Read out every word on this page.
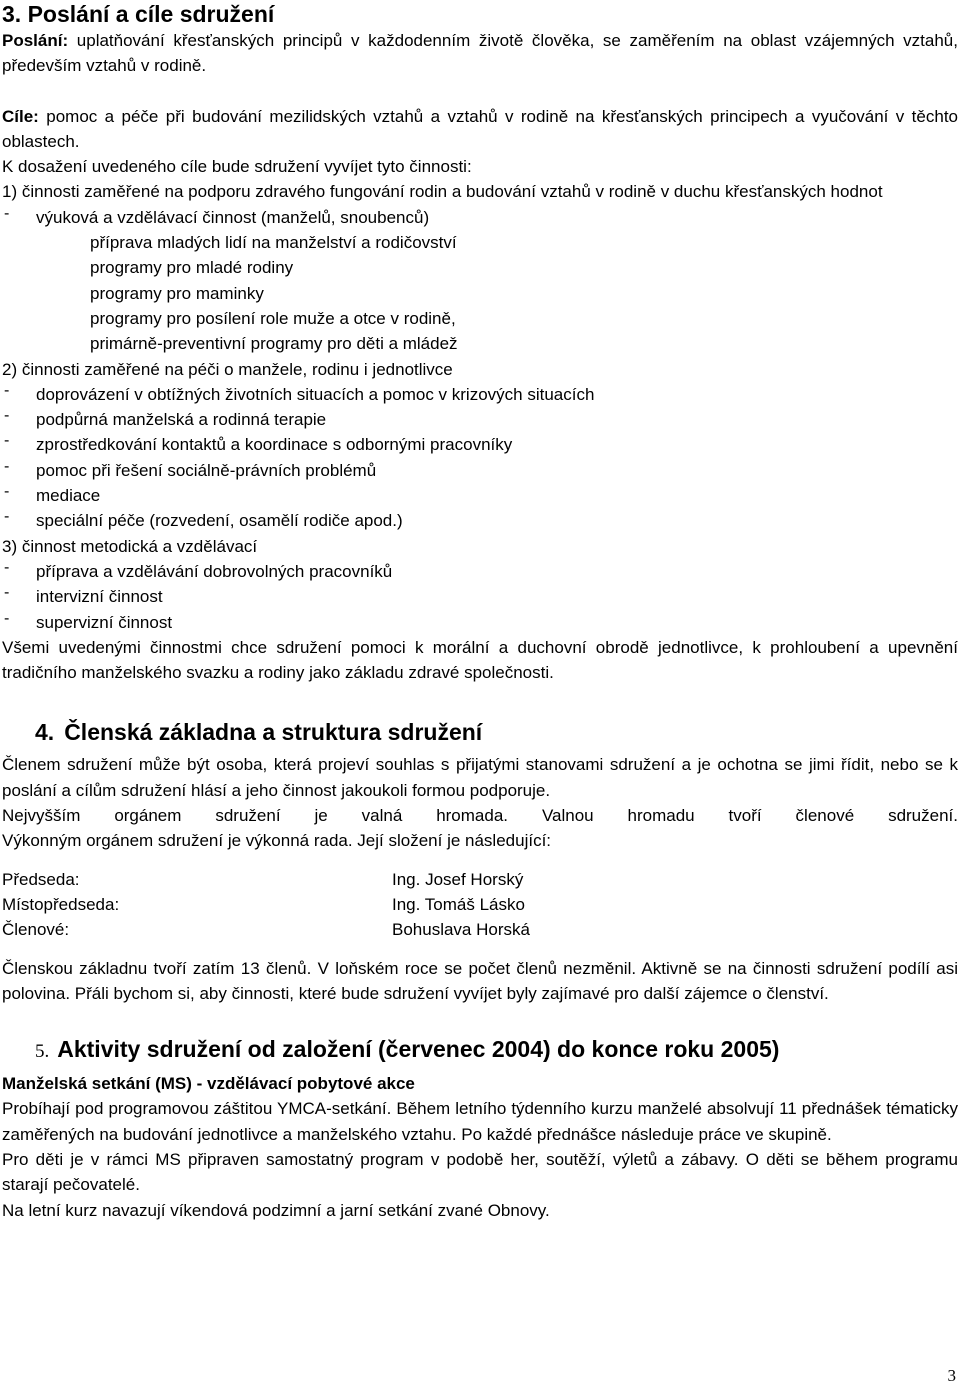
3. Poslání a cíle sdružení

Poslání: uplatňování křesťanských principů v každodenním životě člověka, se zaměřením na oblast vzájemných vztahů, především vztahů v rodině.

Cíle: pomoc a péče při budování mezilidských vztahů a vztahů v rodině na křesťanských principech a vyučování v těchto oblastech.

K dosažení uvedeného cíle bude sdružení vyvíjet tyto činnosti:

1) činnosti zaměřené na podporu zdravého fungování rodin a budování vztahů v rodině v duchu křesťanských hodnot

-	výuková a vzdělávací činnost (manželů, snoubenců)

příprava mladých lidí na manželství a rodičovství

programy pro mladé rodiny

programy pro maminky

programy pro posílení role muže a otce v rodině,

primárně-preventivní programy pro děti a mládež

2) činnosti zaměřené na péči o manžele, rodinu i jednotlivce

-	doprovázení v obtížných životních situacích a pomoc v krizových situacích

-	podpůrná manželská a rodinná terapie

-	zprostředkování kontaktů a koordinace s odbornými pracovníky

-	pomoc při řešení sociálně-právních problémů

-	mediace

-	speciální péče (rozvedení, osamělí rodiče apod.)

3) činnost metodická a vzdělávací

-	příprava a vzdělávání dobrovolných pracovníků

-	intervizní činnost

-	supervizní činnost

Všemi uvedenými činnostmi chce sdružení pomoci k morální a duchovní obrodě jednotlivce, k prohloubení a upevnění tradičního manželského svazku a rodiny jako základu zdravé společnosti.

4. Členská základna a struktura sdružení

Členem sdružení může být osoba, která projeví souhlas s přijatými stanovami sdružení a je ochotna se jimi řídit, nebo se k poslání a cílům sdružení hlásí a jeho činnost jakoukoli formou podporuje.

Nejvyšším orgánem sdružení je valná hromada. Valnou hromadu tvoří členové sdružení.

Výkonným orgánem sdružení je výkonná rada. Její složení je následující:

Předseda:	Ing. Josef Horský
Místopředseda:	Ing. Tomáš Lásko
Členové:	Bohuslava Horská

Členskou základnu tvoří zatím 13 členů. V loňském roce se počet členů nezměnil. Aktivně se na činnosti sdružení podílí asi polovina. Přáli bychom si, aby činnosti, které bude sdružení vyvíjet byly zajímavé pro další zájemce o členství.

5. Aktivity sdružení od založení (červenec 2004) do konce roku 2005)

Manželská setkání (MS) - vzdělávací pobytové akce

Probíhají pod programovou záštitou YMCA-setkání. Během letního týdenního kurzu manželé absolvují 11 přednášek tématicky zaměřených na budování jednotlivce a manželského vztahu. Po každé přednášce následuje práce ve skupině.

Pro děti je v rámci MS připraven samostatný program v podobě her, soutěží, výletů a zábavy. O děti se během programu starají pečovatelé.

Na letní kurz navazují víkendová podzimní a jarní setkání zvané Obnovy.

3
